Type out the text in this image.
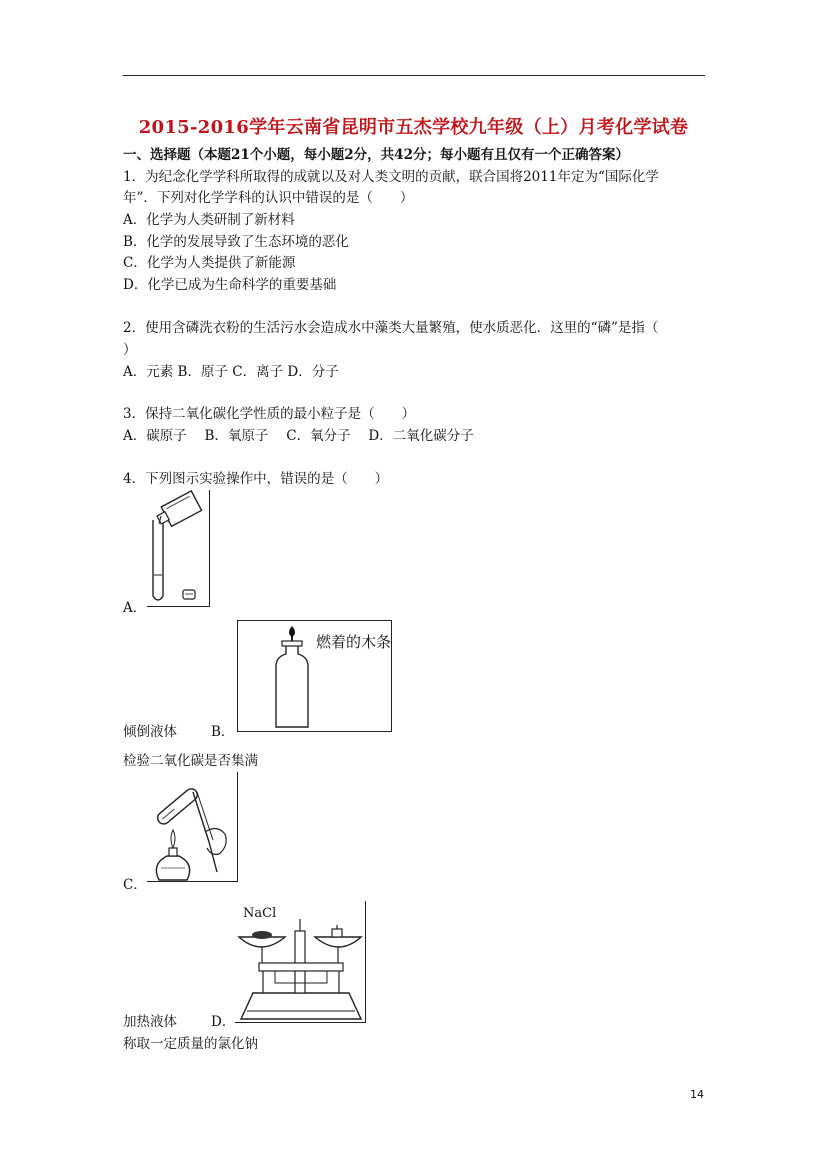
2015-2016学年云南省昆明市五杰学校九年级（上）月考化学试卷
一、选择题（本题21个小题，每小题2分，共42分；每小题有且仅有一个正确答案）
1．为纪念化学学科所取得的成就以及对人类文明的贡献，联合国将2011年定为“国际化学
年”．下列对化学学科的认识中错误的是（　　）
A．化学为人类研制了新材料
B．化学的发展导致了生态环境的恶化
C．化学为人类提供了新能源
D．化学已成为生命科学的重要基础
2．使用含磷洗衣粉的生活污水会造成水中藻类大量繁殖，使水质恶化．这里的“磷”是指（
）
A．元素 B．原子 C．离子 D．分子
3．保持二氧化碳化学性质的最小粒子是（　　）
A．碳原子　 B．氧原子　 C．氧分子　 D．二氧化碳分子
4．下列图示实验操作中，错误的是（　　）
A．
燃着的木条
倾倒液体	B．
检验二氧化碳是否集满
C．
NaCl
加热液体	D．
称取一定质量的氯化钠
14
